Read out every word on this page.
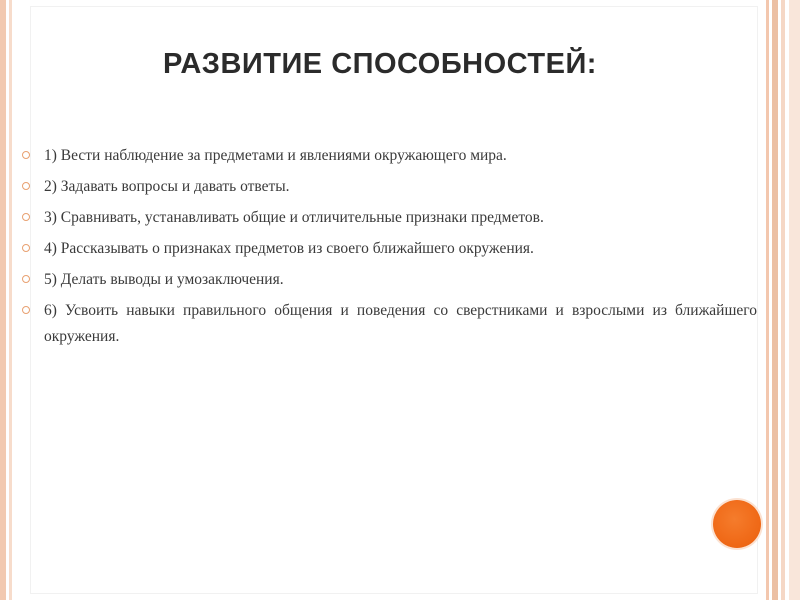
РАЗВИТИЕ СПОСОБНОСТЕЙ:
1) Вести наблюдение за предметами и явлениями окружающего мира.
2) Задавать вопросы и давать ответы.
3) Сравнивать, устанавливать общие и отличительные признаки предметов.
4) Рассказывать о признаках предметов из своего ближайшего окружения.
5) Делать выводы и умозаключения.
6) Усвоить навыки правильного общения и поведения со сверстниками и взрослыми из ближайшего окружения.
